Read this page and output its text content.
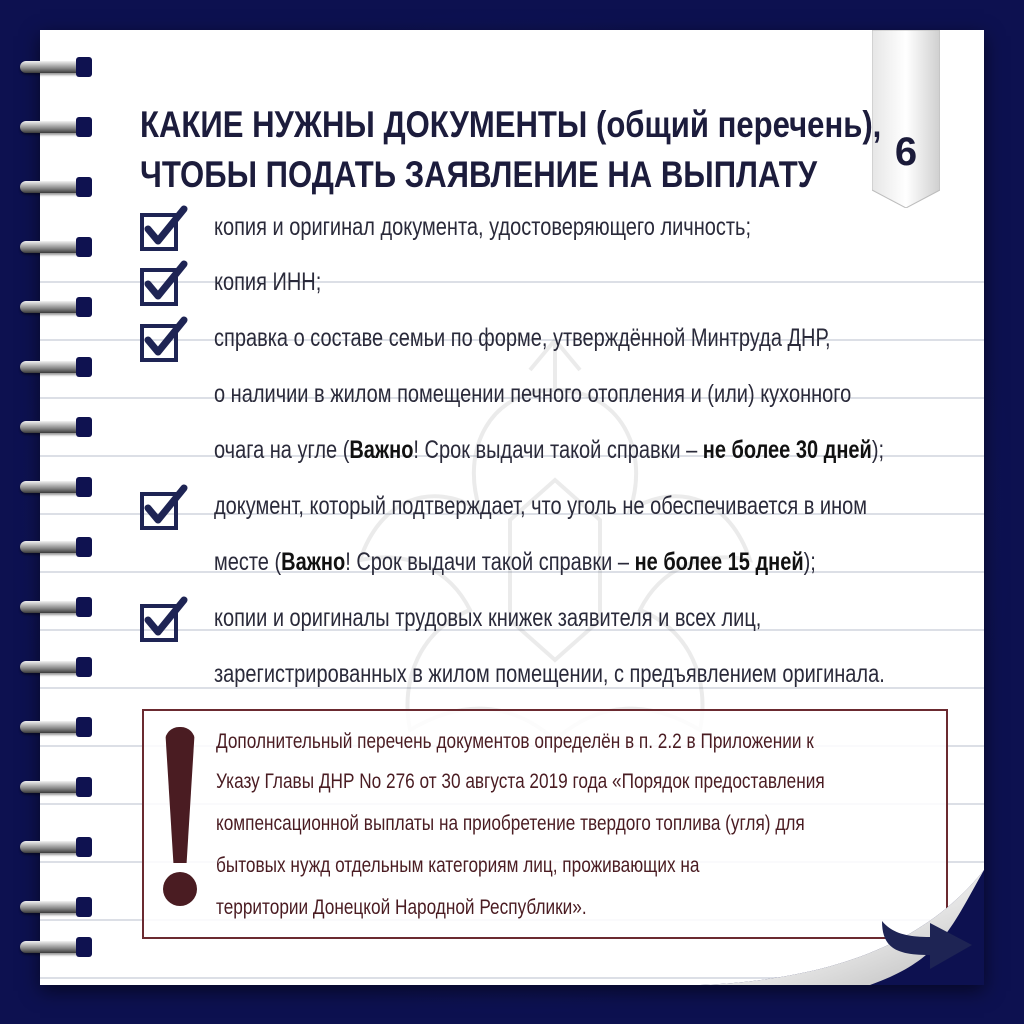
6
КАКИЕ НУЖНЫ ДОКУМЕНТЫ (общий перечень),
ЧТОБЫ ПОДАТЬ ЗАЯВЛЕНИЕ НА ВЫПЛАТУ
копия и оригинал документа, удостоверяющего личность;
копия ИНН;
справка о составе семьи по форме, утверждённой Минтруда ДНР,
о наличии в жилом помещении печного отопления и (или) кухонного
очага на угле (Важно! Срок выдачи такой справки – не более 30 дней);
документ, который подтверждает, что уголь не обеспечивается в ином
месте (Важно! Срок выдачи такой справки – не более 15 дней);
копии и оригиналы трудовых книжек заявителя и всех лиц,
зарегистрированных в жилом помещении, с предъявлением оригинала.
Дополнительный перечень документов определён в п. 2.2 в Приложении к
Указу Главы ДНР No 276 от 30 августа 2019 года «Порядок предоставления
компенсационной выплаты на приобретение твердого топлива (угля) для
бытовых нужд отдельным категориям лиц, проживающих на
территории Донецкой Народной Республики».
